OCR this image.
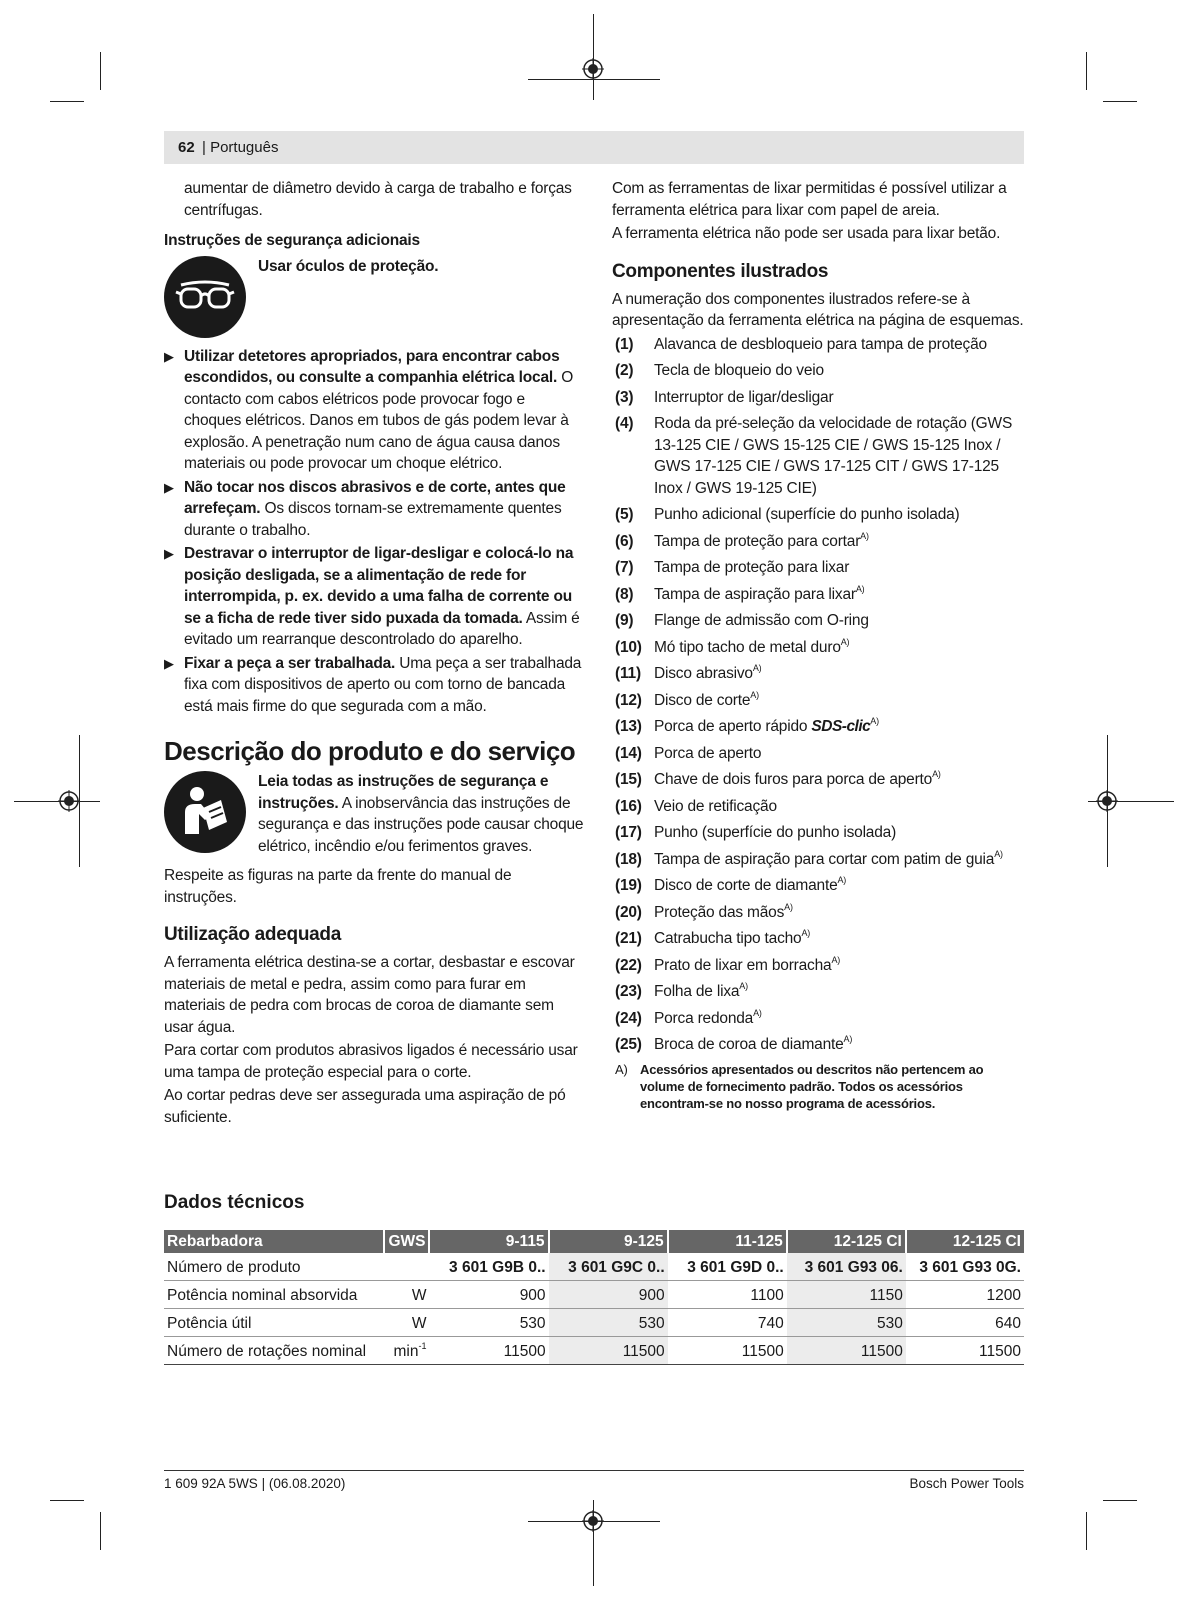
62 | Português

aumentar de diâmetro devido à carga de trabalho e forças centrífugas.

Instruções de segurança adicionais
Usar óculos de proteção.
▶ Utilizar detetores apropriados, para encontrar cabos escondidos, ou consulte a companhia elétrica local. O contacto com cabos elétricos pode provocar fogo e choques elétricos. Danos em tubos de gás podem levar à explosão. A penetração num cano de água causa danos materiais ou pode provocar um choque elétrico.
▶ Não tocar nos discos abrasivos e de corte, antes que arrefeçam. Os discos tornam-se extremamente quentes durante o trabalho.
▶ Destravar o interruptor de ligar-desligar e colocá-lo na posição desligada, se a alimentação de rede for interrompida, p. ex. devido a uma falha de corrente ou se a ficha de rede tiver sido puxada da tomada. Assim é evitado um rearranque descontrolado do aparelho.
▶ Fixar a peça a ser trabalhada. Uma peça a ser trabalhada fixa com dispositivos de aperto ou com torno de bancada está mais firme do que segurada com a mão.
Descrição do produto e do serviço
Leia todas as instruções de segurança e instruções. A inobservância das instruções de segurança e das instruções pode causar choque elétrico, incêndio e/ou ferimentos graves.

Respeite as figuras na parte da frente do manual de instruções.

Utilização adequada

A ferramenta elétrica destina-se a cortar, desbastar e escovar materiais de metal e pedra, assim como para furar em materiais de pedra com brocas de coroa de diamante sem usar água.

Para cortar com produtos abrasivos ligados é necessário usar uma tampa de proteção especial para o corte.

Ao cortar pedras deve ser assegurada uma aspiração de pó suficiente.

Com as ferramentas de lixar permitidas é possível utilizar a ferramenta elétrica para lixar com papel de areia.

A ferramenta elétrica não pode ser usada para lixar betão.

Componentes ilustrados

A numeração dos componentes ilustrados refere-se à apresentação da ferramenta elétrica na página de esquemas.

(1)	Alavanca de desbloqueio para tampa de proteção
(2)	Tecla de bloqueio do veio
(3)	Interruptor de ligar/desligar
(4)	Roda da pré-seleção da velocidade de rotação (GWS 13-125 CIE / GWS 15-125 CIE / GWS 15-125 Inox / GWS 17-125 CIE / GWS 17-125 CIT / GWS 17-125 Inox / GWS 19-125 CIE)
(5)	Punho adicional (superfície do punho isolada)
(6)	Tampa de proteção para cortar$^{A)}$
(7)	Tampa de proteção para lixar
(8)	Tampa de aspiração para lixar$^{A)}$
(9)	Flange de admissão com O-ring
(10) Mó tipo tacho de metal duro$^{A)}$
(11) Disco abrasivo$^{A)}$
(12) Disco de corte$^{A)}$
(13) Porca de aperto rápido SDS-clic$^{A)}$
(14) Porca de aperto
(15) Chave de dois furos para porca de aperto$^{A)}$
(16) Veio de retificação
(17) Punho (superfície do punho isolada)
(18) Tampa de aspiração para cortar com patim de guia$^{A)}$
(19) Disco de corte de diamante$^{A)}$
(20) Proteção das mãos$^{A)}$
(21) Catrabucha tipo tacho$^{A)}$
(22) Prato de lixar em borracha$^{A)}$
(23) Folha de lixa$^{A)}$
(24) Porca redonda$^{A)}$
(25) Broca de coroa de diamante$^{A)}$
A) Acessórios apresentados ou descritos não pertencem ao volume de fornecimento padrão. Todos os acessórios encontram-se no nosso programa de acessórios.
Dados técnicos
Rebarbadora	GWS	9-115	9-125	11-125	12-125 CI	12-125 CI
Número de produto		3 601 G9B 0..	3 601 G9C 0..	3 601 G9D 0..	3 601 G93 06.	3 601 G93 0G.
Potência nominal absorvida	W	900	900	1100	1150	1200
Potência útil	W	530	530	740	530	640
Número de rotações nominal	$\min^{-1}$	11500	11500	11500	11500	11500
1 609 92A 5WS | (06.08.2020)	Bosch Power Tools
